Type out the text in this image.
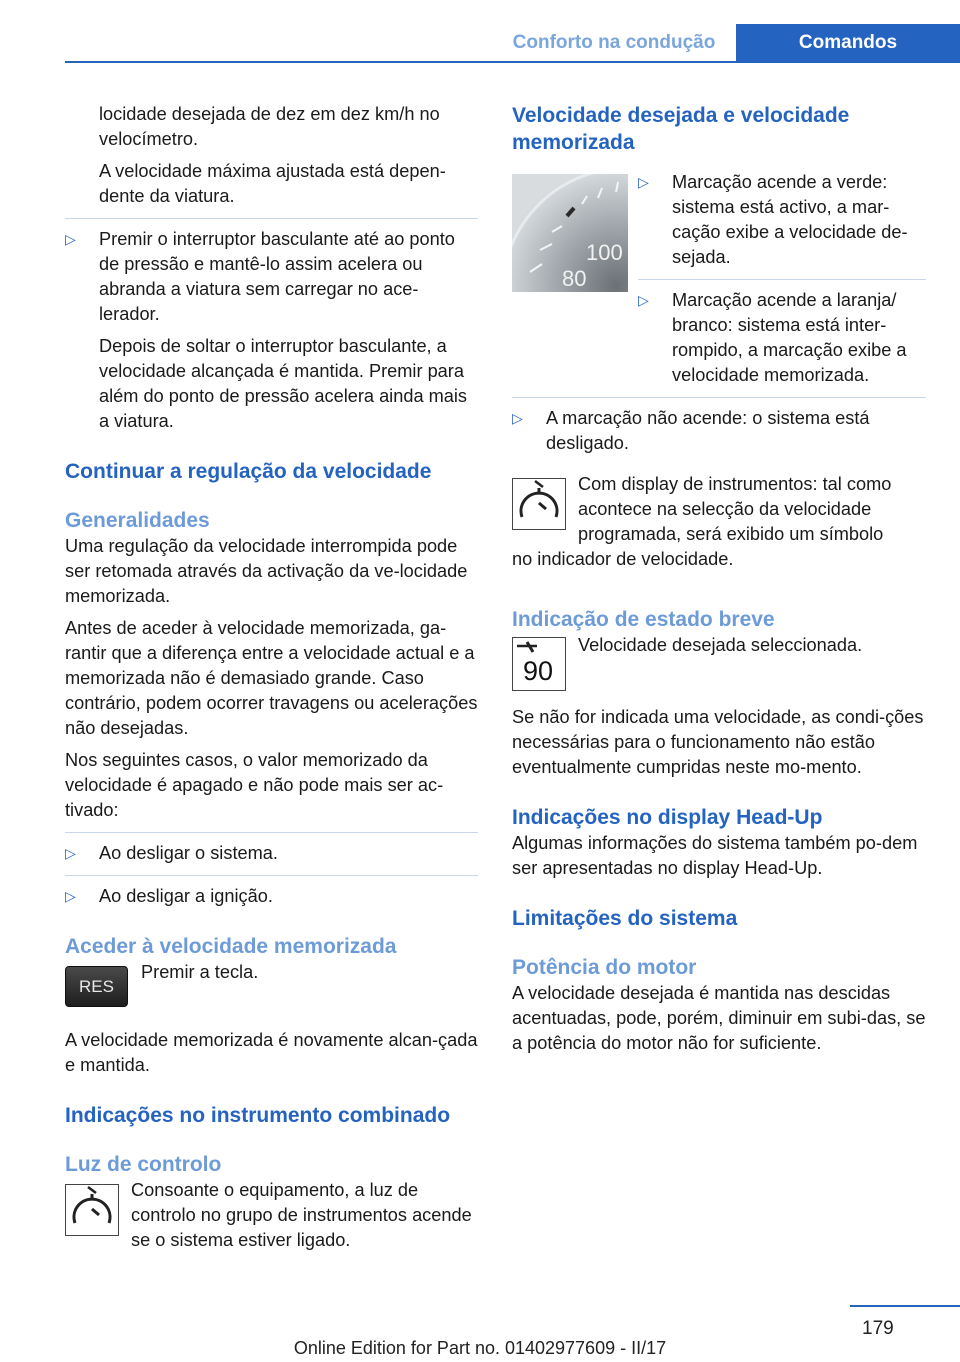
Conforto na condução	Comandos

locidade desejada de dez em dez km/h no velocímetro.

A velocidade máxima ajustada está depen‐dente da viatura.

▷	Premir o interruptor basculante até ao ponto de pressão e mantê-lo assim acelera ou abranda a viatura sem carregar no ace‐lerador.

Depois de soltar o interruptor basculante, a velocidade alcançada é mantida. Premir para além do ponto de pressão acelera ainda mais a viatura.

Continuar a regulação da velocidade
Generalidades

Uma regulação da velocidade interrompida pode ser retomada através da activação da ve‐locidade memorizada.

Antes de aceder à velocidade memorizada, ga‐rantir que a diferença entre a velocidade actual e a memorizada não é demasiado grande. Caso contrário, podem ocorrer travagens ou acelerações não desejadas.

Nos seguintes casos, o valor memorizado da velocidade é apagado e não pode mais ser ac‐tivado:

▷	Ao desligar o sistema.

▷	Ao desligar a ignição.

Aceder à velocidade memorizada
RES

Premir a tecla.

A velocidade memorizada é novamente alcan‐çada e mantida.

Indicações no instrumento combinado
Luz de controlo

Consoante o equipamento, a luz de controlo no grupo de instrumentos acende se o sistema estiver ligado.

Velocidade desejada e velocidade memorizada
100
80
▷	Marcação acende a verde: sistema está activo, a mar‐cação exibe a velocidade de‐sejada.

▷	Marcação acende a laranja/ branco: sistema está inter‐rompido, a marcação exibe a velocidade memorizada.

▷	A marcação não acende: o sistema está desligado.

Com display de instrumentos: tal como acontece na selecção da velocidade programada, será exibido um símbolo

no indicador de velocidade.

Indicação de estado breve
90

Velocidade desejada seleccionada.

Se não for indicada uma velocidade, as condi‐ções necessárias para o funcionamento não estão eventualmente cumpridas neste mo‐mento.

Indicações no display Head-Up

Algumas informações do sistema também po‐dem ser apresentadas no display Head-Up.

Limitações do sistema
Potência do motor

A velocidade desejada é mantida nas descidas acentuadas, pode, porém, diminuir em subi‐das, se a potência do motor não for suficiente.

179
Online Edition for Part no. 01402977609 - II/17
